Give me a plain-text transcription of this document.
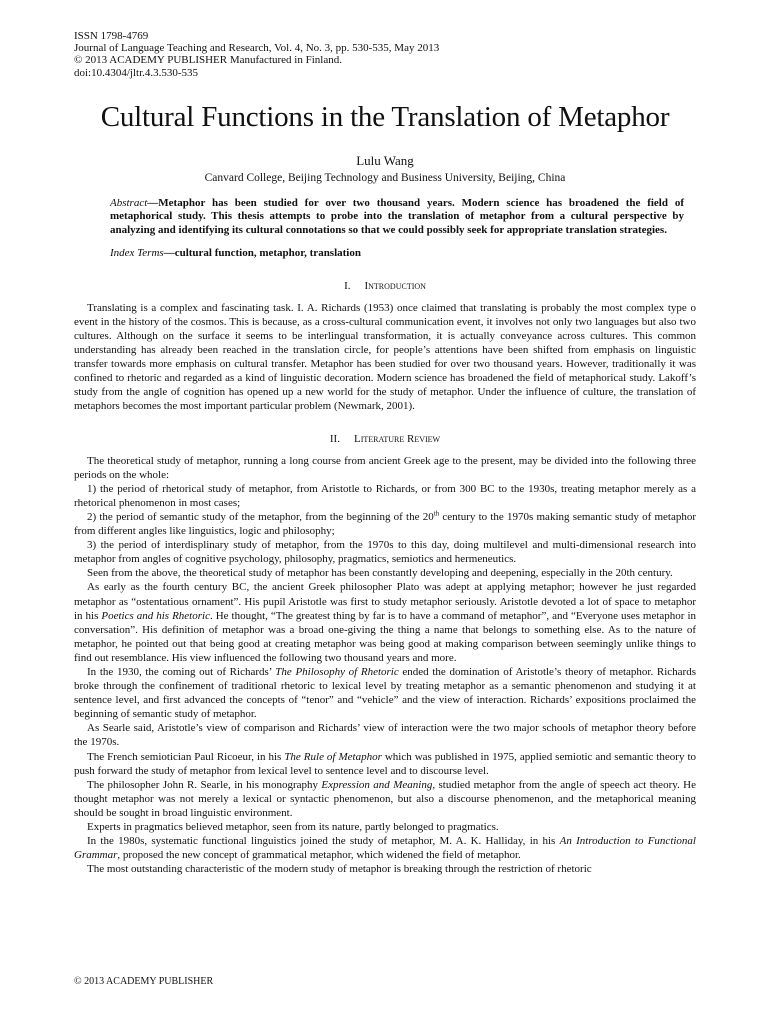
ISSN 1798-4769
Journal of Language Teaching and Research, Vol. 4, No. 3, pp. 530-535, May 2013
© 2013 ACADEMY PUBLISHER Manufactured in Finland.
doi:10.4304/jltr.4.3.530-535
Cultural Functions in the Translation of Metaphor
Lulu Wang
Canvard College, Beijing Technology and Business University, Beijing, China
Abstract—Metaphor has been studied for over two thousand years. Modern science has broadened the field of metaphorical study. This thesis attempts to probe into the translation of metaphor from a cultural perspective by analyzing and identifying its cultural connotations so that we could possibly seek for appropriate translation strategies.
Index Terms—cultural function, metaphor, translation
I. Introduction

Translating is a complex and fascinating task. I. A. Richards (1953) once claimed that translating is probably the most complex type o event in the history of the cosmos. This is because, as a cross-cultural communication event, it involves not only two languages but also two cultures. Although on the surface it seems to be interlingual transformation, it is actually conveyance across cultures. This common understanding has already been reached in the translation circle, for people’s attentions have been shifted from emphasis on linguistic transfer towards more emphasis on cultural transfer. Metaphor has been studied for over two thousand years. However, traditionally it was confined to rhetoric and regarded as a kind of linguistic decoration. Modern science has broadened the field of metaphorical study. Lakoff’s study from the angle of cognition has opened up a new world for the study of metaphor. Under the influence of culture, the translation of metaphors becomes the most important particular problem (Newmark, 2001).

II. Literature Review

The theoretical study of metaphor, running a long course from ancient Greek age to the present, may be divided into the following three periods on the whole:

1) the period of rhetorical study of metaphor, from Aristotle to Richards, or from 300 BC to the 1930s, treating metaphor merely as a rhetorical phenomenon in most cases;

2) the period of semantic study of the metaphor, from the beginning of the 20th century to the 1970s making semantic study of metaphor from different angles like linguistics, logic and philosophy;

3) the period of interdisplinary study of metaphor, from the 1970s to this day, doing multilevel and multi-dimensional research into metaphor from angles of cognitive psychology, philosophy, pragmatics, semiotics and hermeneutics.

Seen from the above, the theoretical study of metaphor has been constantly developing and deepening, especially in the 20th century.

As early as the fourth century BC, the ancient Greek philosopher Plato was adept at applying metaphor; however he just regarded metaphor as “ostentatious ornament”. His pupil Aristotle was first to study metaphor seriously. Aristotle devoted a lot of space to metaphor in his Poetics and his Rhetoric. He thought, “The greatest thing by far is to have a command of metaphor”, and “Everyone uses metaphor in conversation”. His definition of metaphor was a broad one-giving the thing a name that belongs to something else. As to the nature of metaphor, he pointed out that being good at creating metaphor was being good at making comparison between seemingly unlike things to find out resemblance. His view influenced the following two thousand years and more.

In the 1930, the coming out of Richards’ The Philosophy of Rhetoric ended the domination of Aristotle’s theory of metaphor. Richards broke through the confinement of traditional rhetoric to lexical level by treating metaphor as a semantic phenomenon and studying it at sentence level, and first advanced the concepts of “tenor” and “vehicle” and the view of interaction. Richards’ expositions proclaimed the beginning of semantic study of metaphor.

As Searle said, Aristotle’s view of comparison and Richards’ view of interaction were the two major schools of metaphor theory before the 1970s.

The French semiotician Paul Ricoeur, in his The Rule of Metaphor which was published in 1975, applied semiotic and semantic theory to push forward the study of metaphor from lexical level to sentence level and to discourse level.

The philosopher John R. Searle, in his monography Expression and Meaning, studied metaphor from the angle of speech act theory. He thought metaphor was not merely a lexical or syntactic phenomenon, but also a discourse phenomenon, and the metaphorical meaning should be sought in broad linguistic environment.

Experts in pragmatics believed metaphor, seen from its nature, partly belonged to pragmatics.

In the 1980s, systematic functional linguistics joined the study of metaphor, M. A. K. Halliday, in his An Introduction to Functional Grammar, proposed the new concept of grammatical metaphor, which widened the field of metaphor.

The most outstanding characteristic of the modern study of metaphor is breaking through the restriction of rhetoric

© 2013 ACADEMY PUBLISHER
